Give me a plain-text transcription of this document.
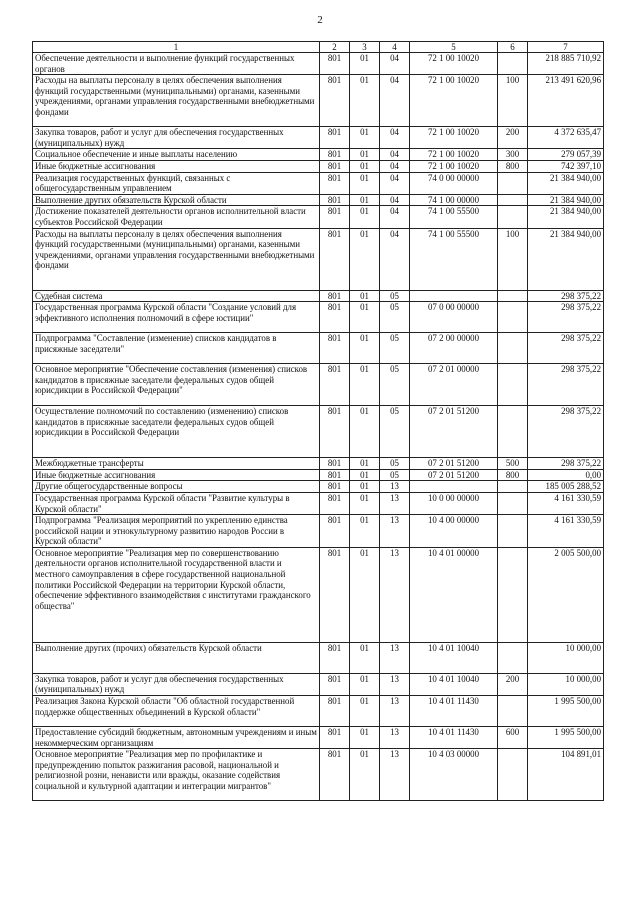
2
1	2	3	4	5	6	7
Обеспечение деятельности и выполнение функций государственных органов	801	01	04	72 1 00 10020		218 885 710,92
Расходы на выплаты персоналу в целях обеспечения выполнения функций государственными (муниципальными) органами, казенными учреждениями, органами управления государственными внебюджетными фондами	801	01	04	72 1 00 10020	100	213 491 620,96
Закупка товаров, работ и услуг для обеспечения государственных (муниципальных) нужд	801	01	04	72 1 00 10020	200	4 372 635,47
Социальное обеспечение и иные выплаты населению	801	01	04	72 1 00 10020	300	279 057,39
Иные бюджетные ассигнования	801	01	04	72 1 00 10020	800	742 397,10
Реализация государственных функций, связанных с общегосударственным управлением	801	01	04	74 0 00 00000		21 384 940,00
Выполнение других обязательств Курской области	801	01	04	74 1 00 00000		21 384 940,00
Достижение показателей деятельности органов исполнительной власти субъектов Российской Федерации	801	01	04	74 1 00 55500		21 384 940,00
Расходы на выплаты персоналу в целях обеспечения выполнения функций государственными (муниципальными) органами, казенными учреждениями, органами управления государственными внебюджетными фондами	801	01	04	74 1 00 55500	100	21 384 940,00
Судебная система	801	01	05			298 375,22
Государственная программа Курской области "Создание условий для эффективного исполнения полномочий в сфере юстиции"	801	01	05	07 0 00 00000		298 375,22
Подпрограмма "Составление (изменение) списков кандидатов в присяжные заседатели"	801	01	05	07 2 00 00000		298 375,22
Основное мероприятие "Обеспечение составления (изменения) списков кандидатов в присяжные заседатели федеральных судов общей юрисдикции в Российской Федерации"	801	01	05	07 2 01 00000		298 375,22
Осуществление полномочий по составлению (изменению) списков кандидатов в присяжные заседатели федеральных судов общей юрисдикции в Российской Федерации	801	01	05	07 2 01 51200		298 375,22
Межбюджетные трансферты	801	01	05	07 2 01 51200	500	298 375,22
Иные бюджетные ассигнования	801	01	05	07 2 01 51200	800	0,00
Другие общегосударственные вопросы	801	01	13			185 005 288,52
Государственная программа Курской области "Развитие культуры в Курской области"	801	01	13	10 0 00 00000		4 161 330,59
Подпрограмма "Реализация мероприятий по укреплению единства российской нации и этнокультурному развитию народов России в Курской области"	801	01	13	10 4 00 00000		4 161 330,59
Основное мероприятие "Реализация мер по совершенствованию деятельности органов исполнительной государственной власти и местного самоуправления в сфере государственной национальной политики Российской Федерации на территории Курской области, обеспечение эффективного взаимодействия с институтами гражданского общества"	801	01	13	10 4 01 00000		2 005 500,00
Выполнение других (прочих) обязательств Курской области	801	01	13	10 4 01 10040		10 000,00
Закупка товаров, работ и услуг для обеспечения государственных (муниципальных) нужд	801	01	13	10 4 01 10040	200	10 000,00
Реализация Закона Курской области "Об областной государственной поддержке общественных объединений в Курской области"	801	01	13	10 4 01 11430		1 995 500,00
Предоставление субсидий бюджетным, автономным учреждениям и иным некоммерческим организациям	801	01	13	10 4 01 11430	600	1 995 500,00
Основное мероприятие "Реализация мер по профилактике и предупреждению попыток разжигания расовой, национальной и религиозной розни, ненависти или вражды, оказание содействия социальной и культурной адаптации и интеграции мигрантов"	801	01	13	10 4 03 00000		104 891,01
